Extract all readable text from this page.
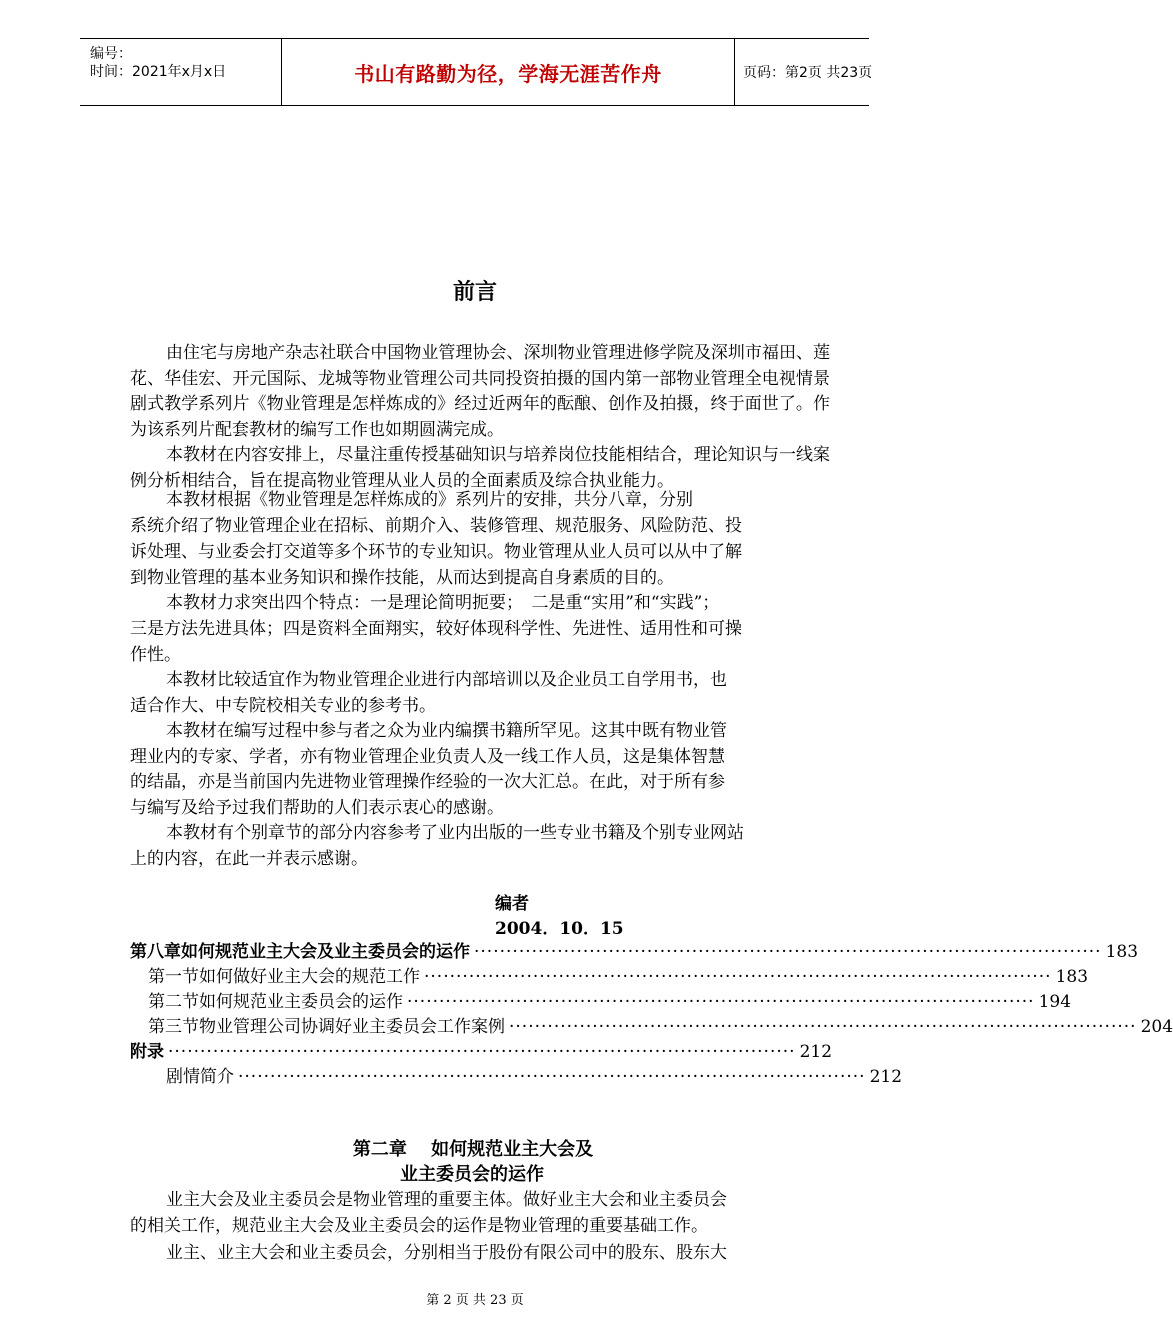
编号：
时间：2021年x月x日	书山有路勤为径，学海无涯苦作舟	页码：第2页 共23页
前言
由住宅与房地产杂志社联合中国物业管理协会、深圳物业管理进修学院及深圳市福田、莲花、华佳宏、开元国际、龙城等物业管理公司共同投资拍摄的国内第一部物业管理全电视情景剧式教学系列片《物业管理是怎样炼成的》经过近两年的酝酿、创作及拍摄，终于面世了。作为该系列片配套教材的编写工作也如期圆满完成。
本教材在内容安排上，尽量注重传授基础知识与培养岗位技能相结合，理论知识与一线案例分析相结合，旨在提高物业管理从业人员的全面素质及综合执业能力。
本教材根据《物业管理是怎样炼成的》系列片的安排，共分八章，分别
系统介绍了物业管理企业在招标、前期介入、装修管理、规范服务、风险防范、投
诉处理、与业委会打交道等多个环节的专业知识。物业管理从业人员可以从中了解
到物业管理的基本业务知识和操作技能，从而达到提高自身素质的目的。
本教材力求突出四个特点：一是理论简明扼要；　二是重“实用”和“实践”；
三是方法先进具体；四是资料全面翔实，较好体现科学性、先进性、适用性和可操
作性。
本教材比较适宜作为物业管理企业进行内部培训以及企业员工自学用书，也
适合作大、中专院校相关专业的参考书。
本教材在编写过程中参与者之众为业内编撰书籍所罕见。这其中既有物业管
理业内的专家、学者，亦有物业管理企业负责人及一线工作人员，这是集体智慧
的结晶，亦是当前国内先进物业管理操作经验的一次大汇总。在此，对于所有参
与编写及给予过我们帮助的人们表示衷心的感谢。
本教材有个别章节的部分内容参考了业内出版的一些专业书籍及个别专业网站
上的内容，在此一并表示感谢。
编者
2004．10．15
第八章如何规范业主大会及业主委员会的运作 ·································································································· 183
第一节如何做好业主大会的规范工作 ·································································································· 183
第二节如何规范业主委员会的运作 ·································································································· 194
第三节物业管理公司协调好业主委员会工作案例 ·································································································· 204
附录 ·································································································· 212
剧情简介 ·································································································· 212
第二章　 如何规范业主大会及
业主委员会的运作
业主大会及业主委员会是物业管理的重要主体。做好业主大会和业主委员会
的相关工作，规范业主大会及业主委员会的运作是物业管理的重要基础工作。
业主、业主大会和业主委员会，分别相当于股份有限公司中的股东、股东大
第 2 页 共 23 页
